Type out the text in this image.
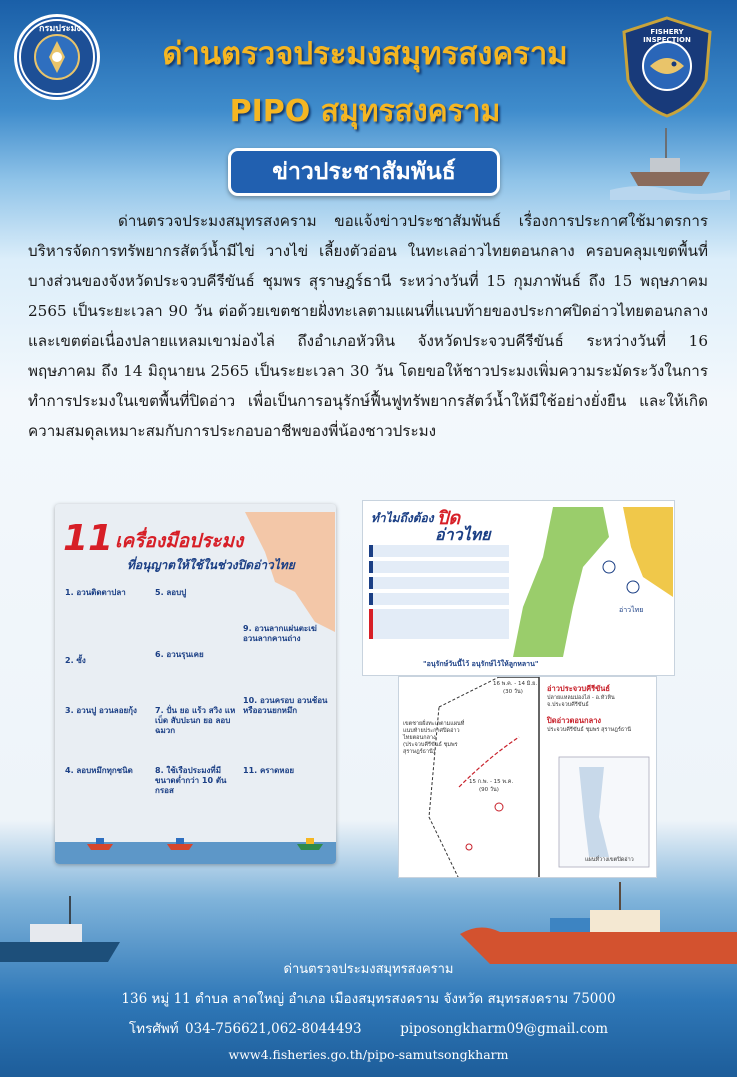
กรมประมง	FISHERY INSPECTION
ด่านตรวจประมงสมุทรสงคราม
PIPO สมุทรสงคราม
ข่าวประชาสัมพันธ์
ด่านตรวจประมงสมุทรสงคราม ขอแจ้งข่าวประชาสัมพันธ์ เรื่องการประกาศใช้มาตรการบริหารจัดการทรัพยากรสัตว์น้ำมีไข่ วางไข่ เลี้ยงตัวอ่อน ในทะเลอ่าวไทยตอนกลาง ครอบคลุมเขตพื้นที่บางส่วนของจังหวัดประจวบคีรีขันธ์ ชุมพร สุราษฎร์ธานี ระหว่างวันที่ 15 กุมภาพันธ์ ถึง 15 พฤษภาคม 2565 เป็นระยะเวลา 90 วัน ต่อด้วยเขตชายฝั่งทะเลตามแผนที่แนบท้ายของประกาศปิดอ่าวไทยตอนกลางและเขตต่อเนื่องปลายแหลมเขาม่องไล่ ถึงอำเภอหัวหิน จังหวัดประจวบคีรีขันธ์ ระหว่างวันที่ 16 พฤษภาคม ถึง 14 มิถุนายน 2565 เป็นระยะเวลา 30 วัน โดยขอให้ชาวประมงเพิ่มความระมัดระวังในการทำการประมงในเขตพื้นที่ปิดอ่าว เพื่อเป็นการอนุรักษ์ฟื้นฟูทรัพยากรสัตว์น้ำให้มีใช้อย่างยั่งยืน และให้เกิดความสมดุลเหมาะสมกับการประกอบอาชีพของพี่น้องชาวประมง
11 เครื่องมือประมง
ที่อนุญาตให้ใช้ในช่วงปิดอ่าวไทย
1. อวนติดตาปลา
2. ซั้ง
3. อวนปู อวนลอยกุ้ง
4. ลอบหมึกทุกชนิด
5. ลอบปู
6. อวนรุนเคย
7. ปั่น ยอ แร้ว สวิง แห เบ็ด สับปะนก ยอ ลอบ ฉมวก
8. ใช้เรือประมงที่มีขนาดต่ำกว่า 10 ตันกรอส
9. อวนลากแผ่นตะเฆ่ อวนลากคานถ่าง
10. อวนครอบ อวนช้อน หรืออวนยกหมึก
11. คราดหอย
ทำไมถึงต้อง ปิด
อ่าวไทย
อ่าวไทย
"อนุรักษ์วันนี้ไว้ อนุรักษ์ไว้ให้ลูกหลาน"
16 พ.ค. - 14 มิ.ย.
(30 วัน)
15 ก.พ. - 15 พ.ค.
(90 วัน)
อ่าวประจวบคีรีขันธ์
ปลายแหลมม่องไล่ - อ.หัวหิน จ.ประจวบคีรีขันธ์
ปิดอ่าวตอนกลาง
ประจวบคีรีขันธ์ ชุมพร สุราษฎร์ธานี
เขตชายฝั่งทะเลตามแผนที่แนบท้ายประกาศปิดอ่าวไทยตอนกลาง (ประจวบคีรีขันธ์ ชุมพร สุราษฎร์ธานี)
แผนที่วางเขตปิดอ่าว
ด่านตรวจประมงสมุทรสงคราม
136 หมู่ 11 ตำบล ลาดใหญ่ อำเภอ เมืองสมุทรสงคราม จังหวัด สมุทรสงคราม 75000
โทรศัพท์ 034-756621,062-8044493	piposongkharm09@gmail.com
www4.fisheries.go.th/pipo-samutsongkharm
